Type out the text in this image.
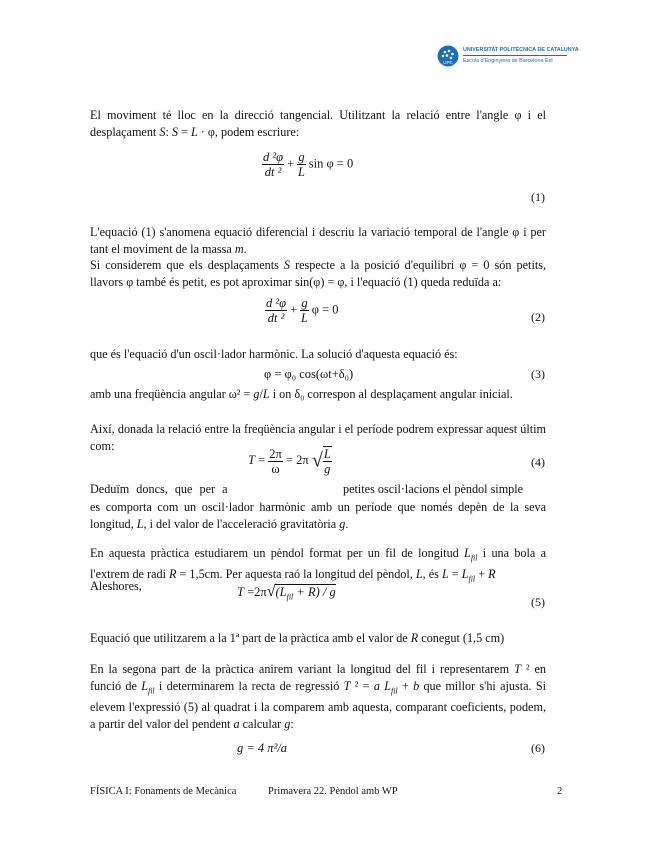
UPC
UNIVERSITAT POLITÈCNICA DE CATALUNYA
Escola d'Enginyeria de Barcelona Est
El moviment té lloc en la direcció tangencial. Utilitzant la relació entre l'angle φ i el desplaçament S: S = L · φ, podem escriure:
$\frac{\text{d ²φ}}{\text{dt ²}} + \frac{g}{L}$ sin φ = 0
(1)
L'equació (1) s'anomena equació diferencial i descriu la variació temporal de l'angle φ i per tant el moviment de la massa m.
Si considerem que els desplaçaments S respecte a la posició d'equilibri φ = 0 són petits, llavors φ també és petit, es pot aproximar sin(φ) = φ, i l'equació (1) queda reduïda a:
$\frac{\text{d ²φ}}{\text{dt ²}} + \frac{g}{L}$ φ = 0
(2)
que és l'equació d'un oscil·lador harmònic. La solució d'aquesta equació és:
φ = φ₀ cos(ωt+δ₀)	(3)
amb una freqüència angular ω² = g/L i on δ₀ correspon al desplaçament angular inicial.
Així, donada la relació entre la freqüència angular i el període podrem expressar aquest últim com:
$T = \frac{2\pi}{\omega} = 2\pi$ √ $\frac{L}{g}$	(4)
Deduïm doncs, que per a	petites oscil·lacions el pèndol simple
es comporta com un oscil·lador harmònic amb un període que només depèn de la seva longitud, L, i del valor de l'acceleració gravitatòria g.
En aquesta pràctica estudiarem un pèndol format per un fil de longitud $L_{fil}$ i una bola a l'extrem de radi R = 1,5cm. Per aquesta raó la longitud del pèndol, L, és $L = L_{fil} + R$
Aleshores,	$T =2\pi√(L_{fil} + R) / g$
(5)
Equació que utilitzarem a la 1ª part de la pràctica amb el valor de R conegut (1,5 cm)
En la segona part de la pràctica anirem variant la longitud del fil i representarem T ² en funció de $L_{fil}$ i determinarem la recta de regressió T ² = a $L_{fil} + b$ que millor s'hi ajusta. Si elevem l'expressió (5) al quadrat i la comparem amb aquesta, comparant coeficients, podem, a partir del valor del pendent a calcular g:
g = 4 π²/a	(6)
FÍSICA I: Fonaments de Mecànica	Primavera 22. Pèndol amb WP	2
